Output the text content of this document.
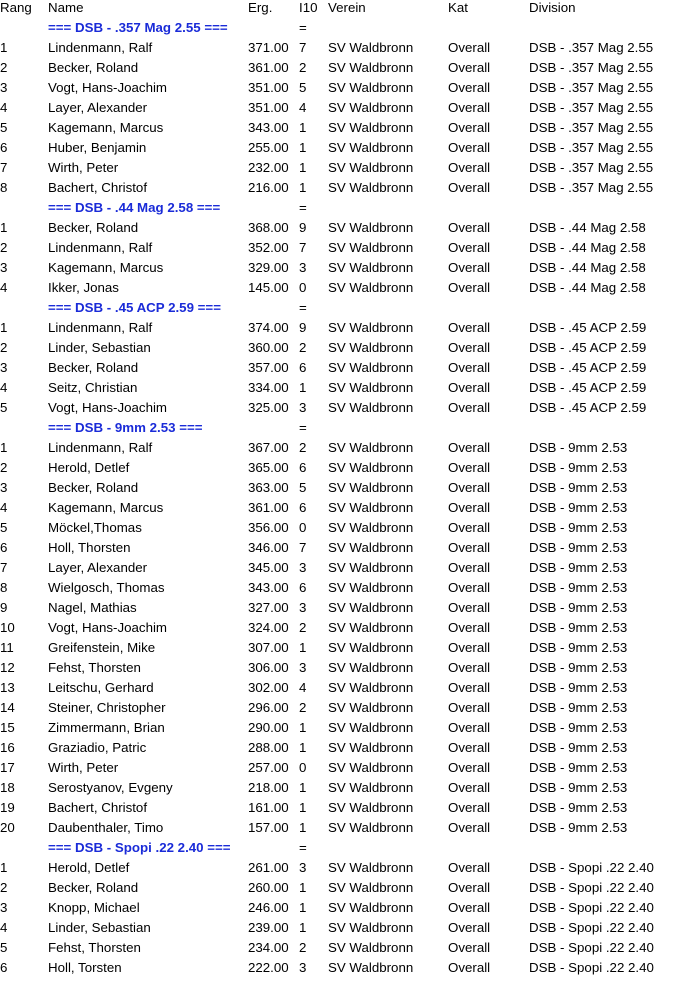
Rang Name	Erg. I10 Verein	Kat	Division
=== DSB - .357 Mag 2.55 ===	=
1	Lindenmann, Ralf	371.00 7 SV Waldbronn	Overall	DSB - .357 Mag 2.55
2	Becker, Roland	361.00 2 SV Waldbronn	Overall	DSB - .357 Mag 2.55
3	Vogt, Hans-Joachim	351.00 5 SV Waldbronn	Overall	DSB - .357 Mag 2.55
4	Layer, Alexander	351.00 4 SV Waldbronn	Overall	DSB - .357 Mag 2.55
5	Kagemann, Marcus	343.00 1 SV Waldbronn	Overall	DSB - .357 Mag 2.55
6	Huber, Benjamin	255.00 1 SV Waldbronn	Overall	DSB - .357 Mag 2.55
7	Wirth, Peter	232.00 1 SV Waldbronn	Overall	DSB - .357 Mag 2.55
8	Bachert, Christof	216.00 1 SV Waldbronn	Overall	DSB - .357 Mag 2.55
=== DSB - .44 Mag 2.58 ===	=
1	Becker, Roland	368.00 9 SV Waldbronn	Overall	DSB - .44 Mag 2.58
2	Lindenmann, Ralf	352.00 7 SV Waldbronn	Overall	DSB - .44 Mag 2.58
3	Kagemann, Marcus	329.00 3 SV Waldbronn	Overall	DSB - .44 Mag 2.58
4	Ikker, Jonas	145.00 0 SV Waldbronn	Overall	DSB - .44 Mag 2.58
=== DSB - .45 ACP 2.59 ===	=
1	Lindenmann, Ralf	374.00 9 SV Waldbronn	Overall	DSB - .45 ACP 2.59
2	Linder, Sebastian	360.00 2 SV Waldbronn	Overall	DSB - .45 ACP 2.59
3	Becker, Roland	357.00 6 SV Waldbronn	Overall	DSB - .45 ACP 2.59
4	Seitz, Christian	334.00 1 SV Waldbronn	Overall	DSB - .45 ACP 2.59
5	Vogt, Hans-Joachim	325.00 3 SV Waldbronn	Overall	DSB - .45 ACP 2.59
=== DSB - 9mm 2.53 ===	=
1	Lindenmann, Ralf	367.00 2 SV Waldbronn	Overall	DSB - 9mm 2.53
2	Herold, Detlef	365.00 6 SV Waldbronn	Overall	DSB - 9mm 2.53
3	Becker, Roland	363.00 5 SV Waldbronn	Overall	DSB - 9mm 2.53
4	Kagemann, Marcus	361.00 6 SV Waldbronn	Overall	DSB - 9mm 2.53
5	Möckel,Thomas	356.00 0 SV Waldbronn	Overall	DSB - 9mm 2.53
6	Holl, Thorsten	346.00 7 SV Waldbronn	Overall	DSB - 9mm 2.53
7	Layer, Alexander	345.00 3 SV Waldbronn	Overall	DSB - 9mm 2.53
8	Wielgosch, Thomas	343.00 6 SV Waldbronn	Overall	DSB - 9mm 2.53
9	Nagel, Mathias	327.00 3 SV Waldbronn	Overall	DSB - 9mm 2.53
10 Vogt, Hans-Joachim	324.00 2 SV Waldbronn	Overall	DSB - 9mm 2.53
11	Greifenstein, Mike	307.00 1 SV Waldbronn	Overall	DSB - 9mm 2.53
12 Fehst, Thorsten	306.00 3 SV Waldbronn	Overall	DSB - 9mm 2.53
13 Leitschu, Gerhard	302.00 4 SV Waldbronn	Overall	DSB - 9mm 2.53
14 Steiner, Christopher	296.00 2 SV Waldbronn	Overall	DSB - 9mm 2.53
15 Zimmermann, Brian	290.00 1 SV Waldbronn	Overall	DSB - 9mm 2.53
16 Graziadio, Patric	288.00 1 SV Waldbronn	Overall	DSB - 9mm 2.53
17 Wirth, Peter	257.00 0 SV Waldbronn	Overall	DSB - 9mm 2.53
18 Serostyanov, Evgeny	218.00 1 SV Waldbronn	Overall	DSB - 9mm 2.53
19 Bachert, Christof	161.00 1 SV Waldbronn	Overall	DSB - 9mm 2.53
20 Daubenthaler, Timo	157.00 1 SV Waldbronn	Overall	DSB - 9mm 2.53
=== DSB - Spopi .22 2.40 ===	=
1	Herold, Detlef	261.00 3 SV Waldbronn	Overall	DSB - Spopi .22 2.40
2	Becker, Roland	260.00 1 SV Waldbronn	Overall	DSB - Spopi .22 2.40
3	Knopp, Michael	246.00 1 SV Waldbronn	Overall	DSB - Spopi .22 2.40
4	Linder, Sebastian	239.00 1 SV Waldbronn	Overall	DSB - Spopi .22 2.40
5	Fehst, Thorsten	234.00 2 SV Waldbronn	Overall	DSB - Spopi .22 2.40
6	Holl, Torsten	222.00 3 SV Waldbronn	Overall	DSB - Spopi .22 2.40
